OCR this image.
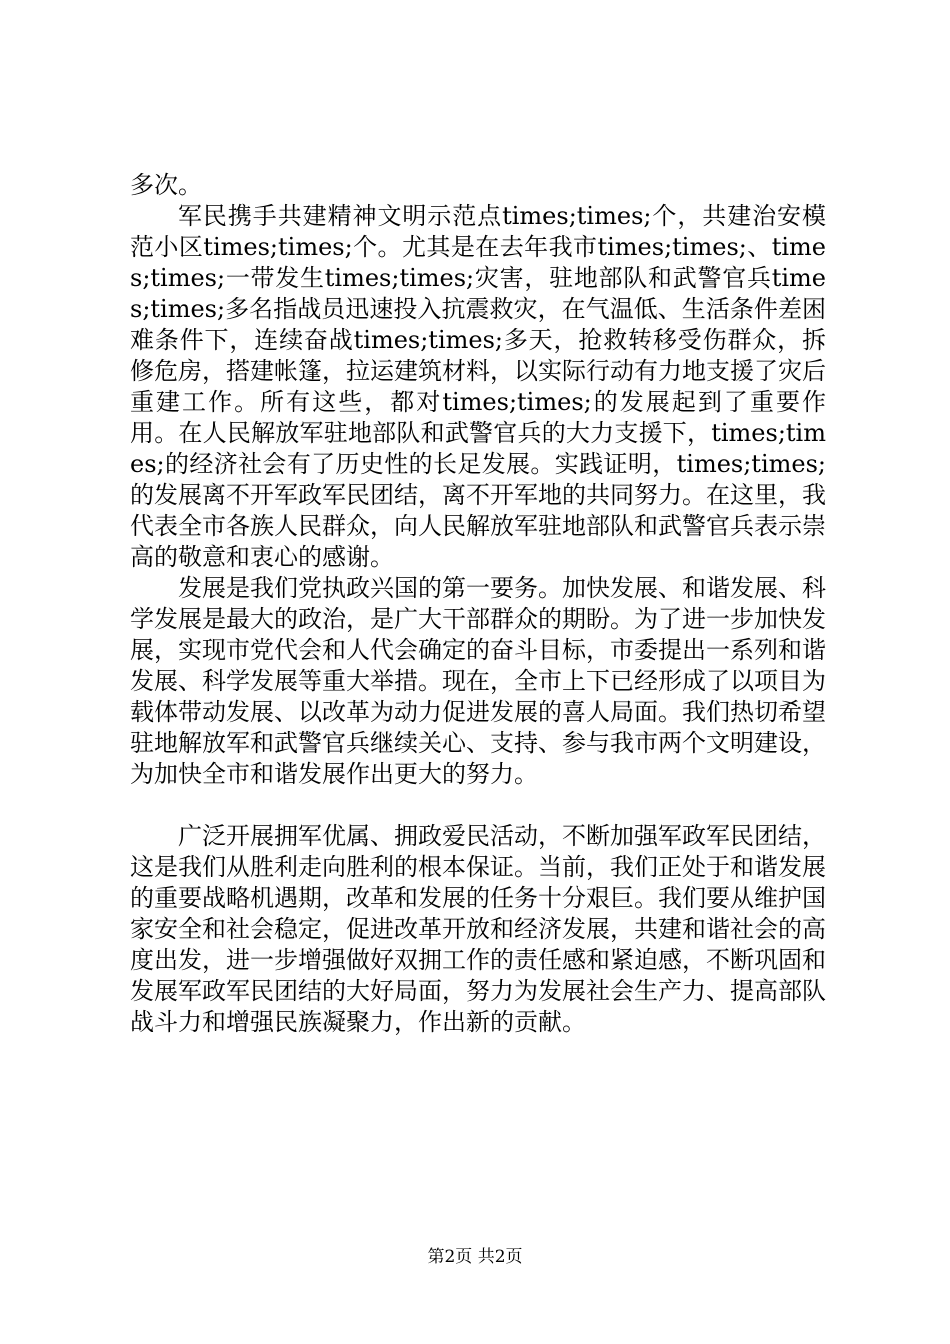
多次。

军民携手共建精神文明示范点times;times;个，共建治安模范小区times;times;个。尤其是在去年我市times;times;、times;times;一带发生times;times;灾害，驻地部队和武警官兵times;times;多名指战员迅速投入抗震救灾，在气温低、生活条件差困难条件下，连续奋战times;times;多天，抢救转移受伤群众，拆修危房，搭建帐篷，拉运建筑材料，以实际行动有力地支援了灾后重建工作。所有这些，都对times;times;的发展起到了重要作用。在人民解放军驻地部队和武警官兵的大力支援下，times;times;的经济社会有了历史性的长足发展。实践证明，times;times;的发展离不开军政军民团结，离不开军地的共同努力。在这里，我代表全市各族人民群众，向人民解放军驻地部队和武警官兵表示崇高的敬意和衷心的感谢。

发展是我们党执政兴国的第一要务。加快发展、和谐发展、科学发展是最大的政治，是广大干部群众的期盼。为了进一步加快发展，实现市党代会和人代会确定的奋斗目标，市委提出一系列和谐发展、科学发展等重大举措。现在，全市上下已经形成了以项目为载体带动发展、以改革为动力促进发展的喜人局面。我们热切希望驻地解放军和武警官兵继续关心、支持、参与我市两个文明建设，为加快全市和谐发展作出更大的努力。

广泛开展拥军优属、拥政爱民活动，不断加强军政军民团结，这是我们从胜利走向胜利的根本保证。当前，我们正处于和谐发展的重要战略机遇期，改革和发展的任务十分艰巨。我们要从维护国家安全和社会稳定，促进改革开放和经济发展，共建和谐社会的高度出发，进一步增强做好双拥工作的责任感和紧迫感，不断巩固和发展军政军民团结的大好局面，努力为发展社会生产力、提高部队战斗力和增强民族凝聚力，作出新的贡献。

第2页 共2页
